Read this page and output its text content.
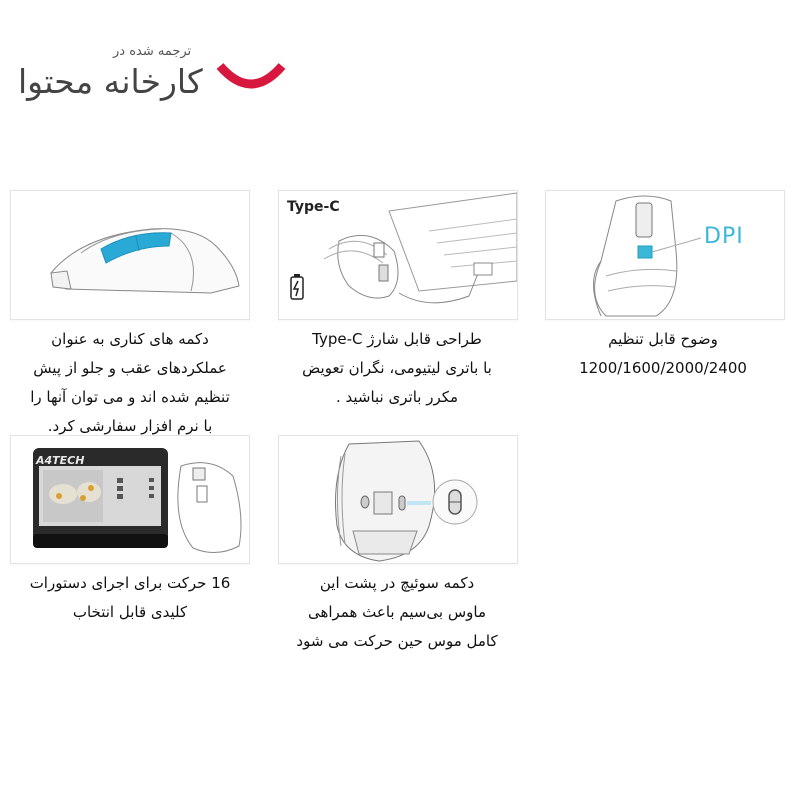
ترجمه شده در
کارخانه محتوا
دکمه های کناری به عنوان
عملکردهای عقب و جلو از پیش
تنظیم شده اند و می توان آنها را
با نرم افزار سفارشی کرد.
Type-C
طراحی قابل شارژ Type-C
با باتری لیتیومی، نگران تعویض
مکرر باتری نباشید .
DPI
وضوح قابل تنظیم
1200/1600/2000/2400
A4TECH
16 حرکت برای اجرای دستورات
کلیدی قابل انتخاب
دکمه سوئیچ در پشت این
ماوس بی‌سیم باعث همراهی
کامل موس حین حرکت می شود
